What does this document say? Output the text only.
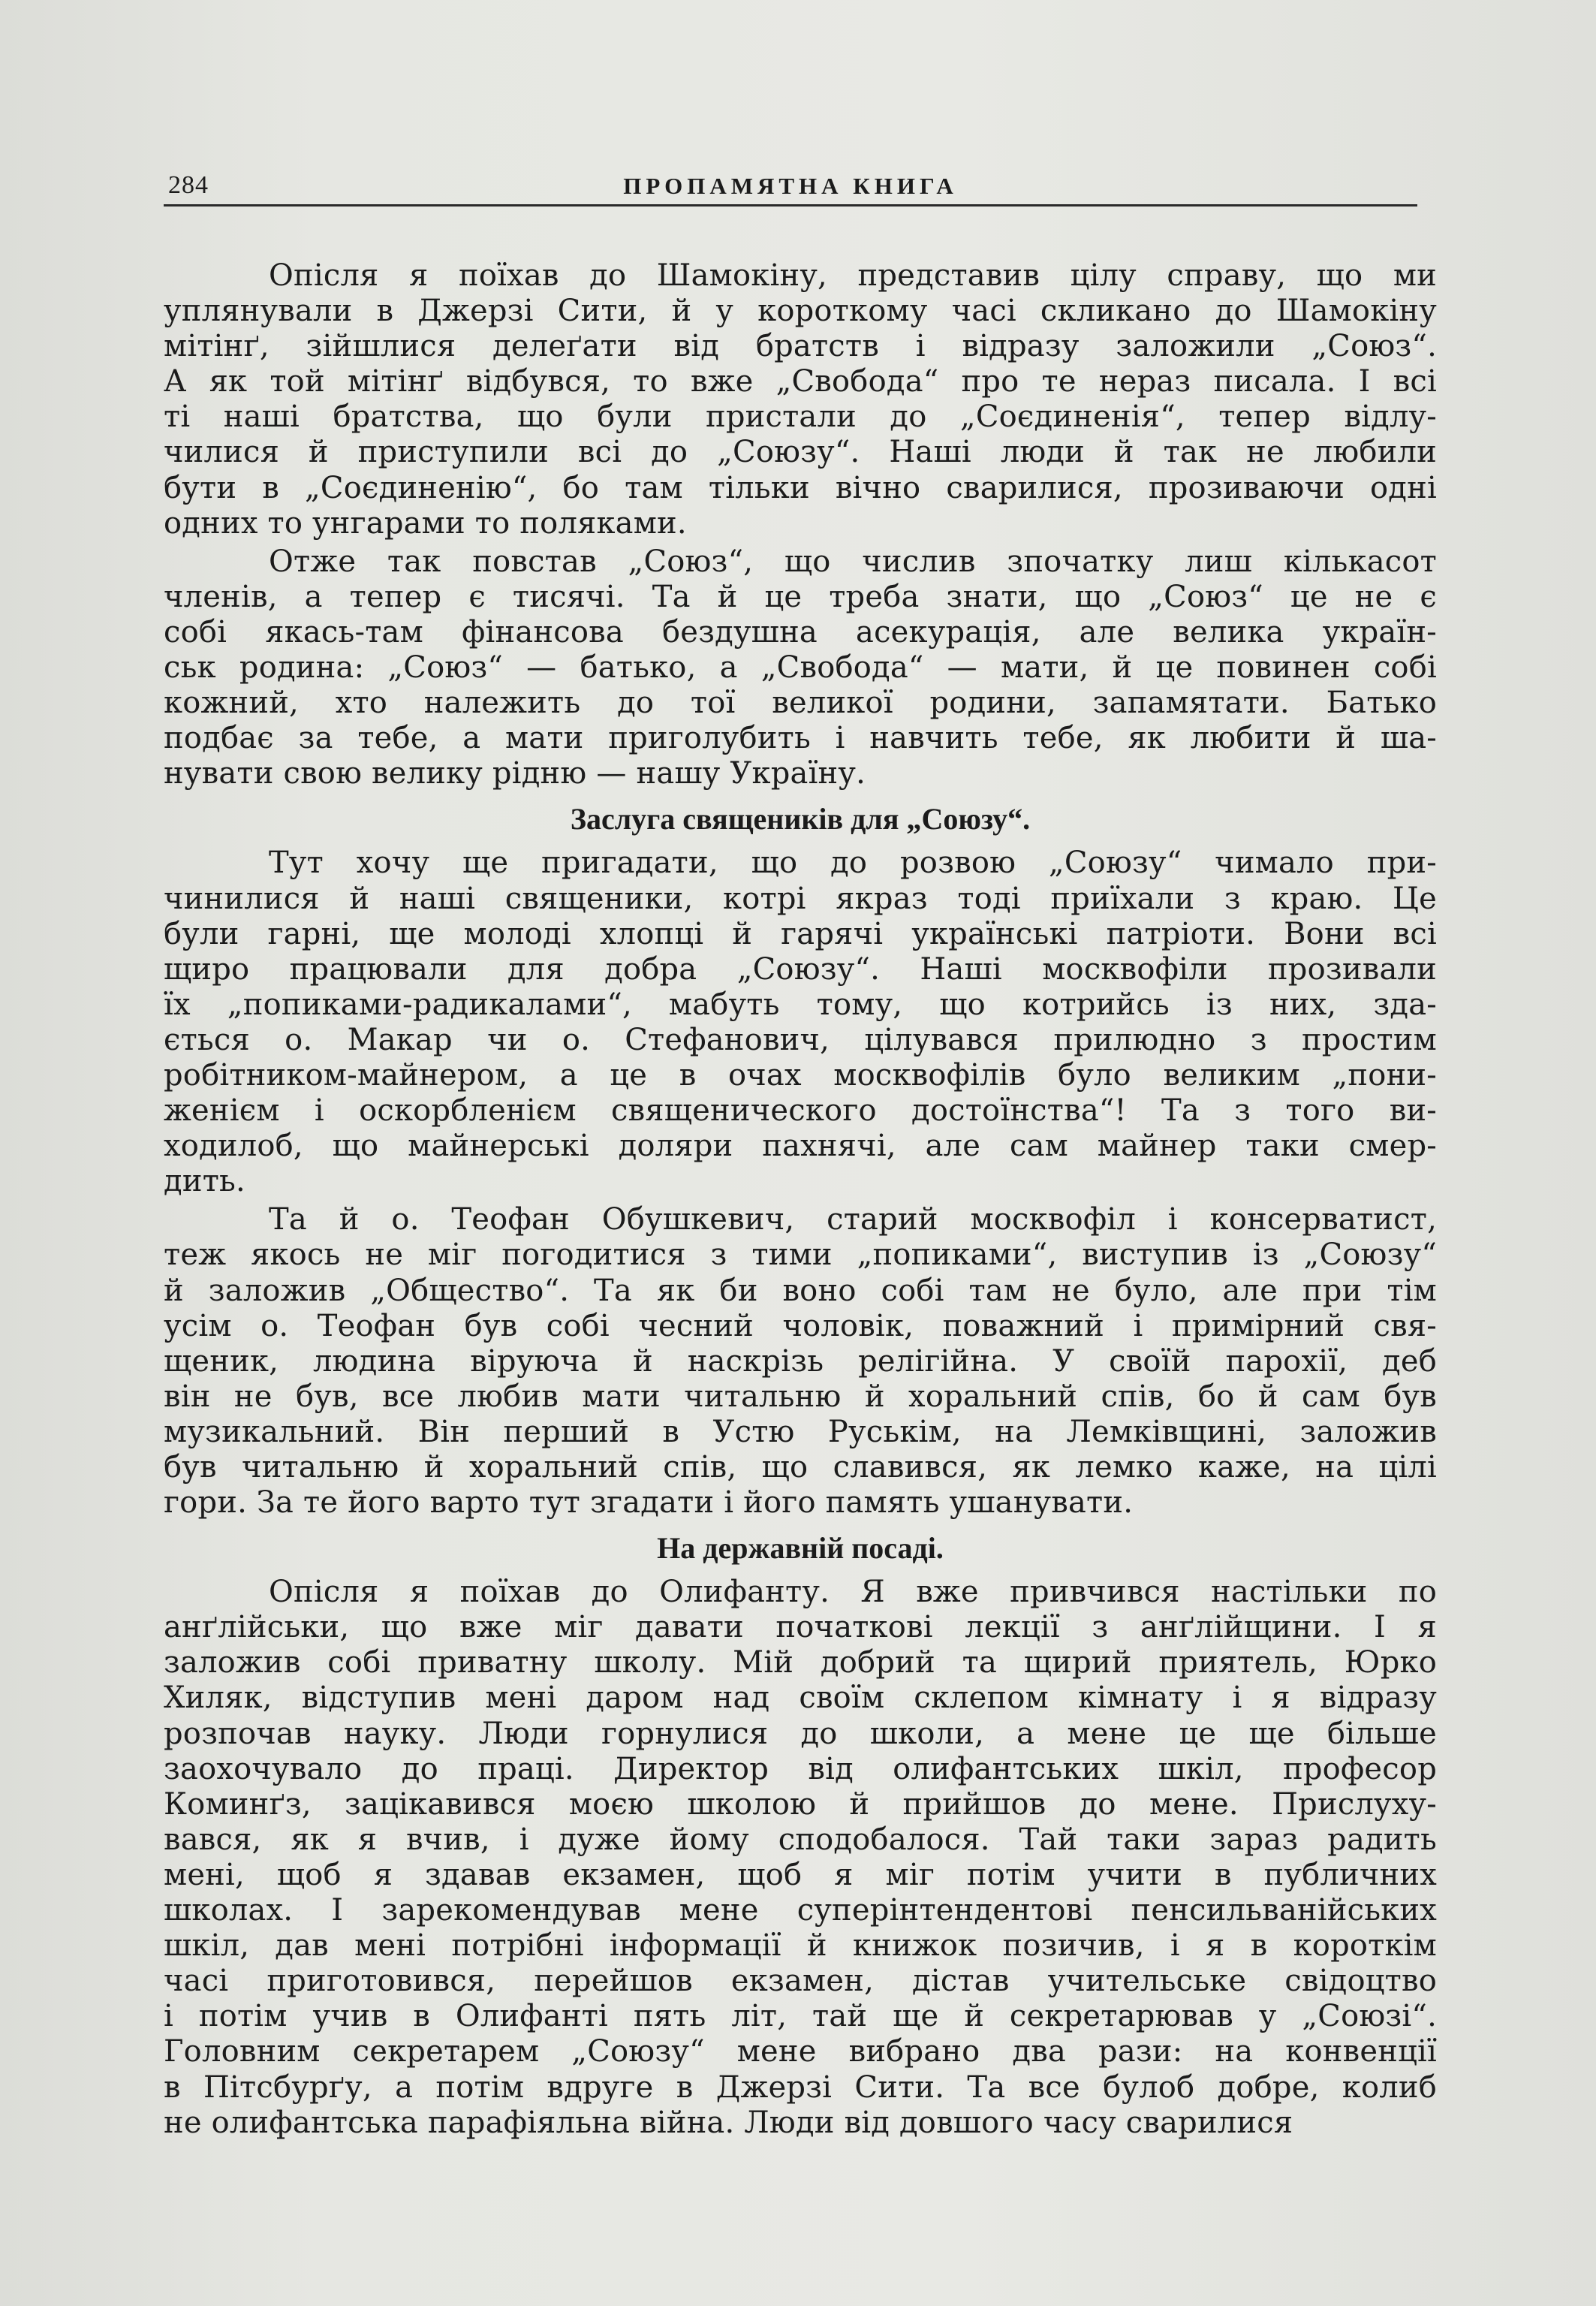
284	ПРОПАМЯТНА КНИГА
Опісля я поїхав до Шамокіну, представив цілу справу, що ми
уплянували в Джерзі Сити, й у короткому часі скликано до Шамокіну
мітінґ, зійшлися делеґати від братств і відразу заложили „Союз“.
А як той мітінґ відбувся, то вже „Свобода“ про те нераз писала. І всі
ті наші братства, що були пристали до „Соєдиненія“, тепер відлу-
чилися й приступили всі до „Союзу“. Наші люди й так не любили
бути в „Соєдиненію“, бо там тільки вічно сварилися, прозиваючи одні
одних то унгарами то поляками.
Отже так повстав „Союз“, що числив зпочатку лиш кількасот
членів, а тепер є тисячі. Та й це треба знати, що „Союз“ це не є
собі якась-там фінансова бездушна асекурація, але велика україн-
ськ родина: „Союз“ — батько, а „Свобода“ — мати, й це повинен собі
кожний, хто належить до тої великої родини, запамятати. Батько
подбає за тебе, а мати приголубить і навчить тебе, як любити й ша-
нувати свою велику рідню — нашу Україну.
Заслуга священиків для „Союзу“.
Тут хочу ще пригадати, що до розвою „Союзу“ чимало при-
чинилися й наші священики, котрі якраз тоді приїхали з краю. Це
були гарні, ще молоді хлопці й гарячі українські патріоти. Вони всі
щиро працювали для добра „Союзу“. Наші москвофіли прозивали
їх „попиками-радикалами“, мабуть тому, що котрийсь із них, зда-
ється о. Макар чи о. Стефанович, цілувався прилюдно з простим
робітником-майнером, а це в очах москвофілів було великим „пони-
женієм і оскорбленієм священического достоїнства“! Та з того ви-
ходилоб, що майнерські доляри пахнячі, але сам майнер таки смер-
дить.
Та й о. Теофан Обушкевич, старий москвофіл і консерватист,
теж якось не міг погодитися з тими „попиками“, виступив із „Союзу“
й заложив „Общество“. Та як би воно собі там не було, але при тім
усім о. Теофан був собі чесний чоловік, поважний і примірний свя-
щеник, людина віруюча й наскрізь релігійна. У своїй парохії, деб
він не був, все любив мати читальню й хоральний спів, бо й сам був
музикальний. Він перший в Устю Руськім, на Лемківщині, заложив
був читальню й хоральний спів, що славився, як лемко каже, на цілі
гори. За те його варто тут згадати і його память ушанувати.
На державній посаді.
Опісля я поїхав до Олифанту. Я вже привчився настільки по
анґлійськи, що вже міг давати початкові лекції з анґлійщини. І я
заложив собі приватну школу. Мій добрий та щирий приятель, Юрко
Хиляк, відступив мені даром над своїм склепом кімнату і я відразу
розпочав науку. Люди горнулися до школи, а мене це ще більше
заохочувало до праці. Директор від олифантських шкіл, професор
Коминґз, зацікавився моєю школою й прийшов до мене. Прислуху-
вався, як я вчив, і дуже йому сподобалося. Тай таки зараз радить
мені, щоб я здавав екзамен, щоб я міг потім учити в публичних
школах. І зарекомендував мене суперінтендентові пенсильванійських
шкіл, дав мені потрібні інформації й книжок позичив, і я в короткім
часі приготовився, перейшов екзамен, дістав учительське свідоцтво
і потім учив в Олифанті пять літ, тай ще й секретарював у „Союзі“.
Головним секретарем „Союзу“ мене вибрано два рази: на конвенції
в Пітсбурґу, а потім вдруге в Джерзі Сити. Та все булоб добре, колиб
не олифантська парафіяльна війна. Люди від довшого часу сварилися
